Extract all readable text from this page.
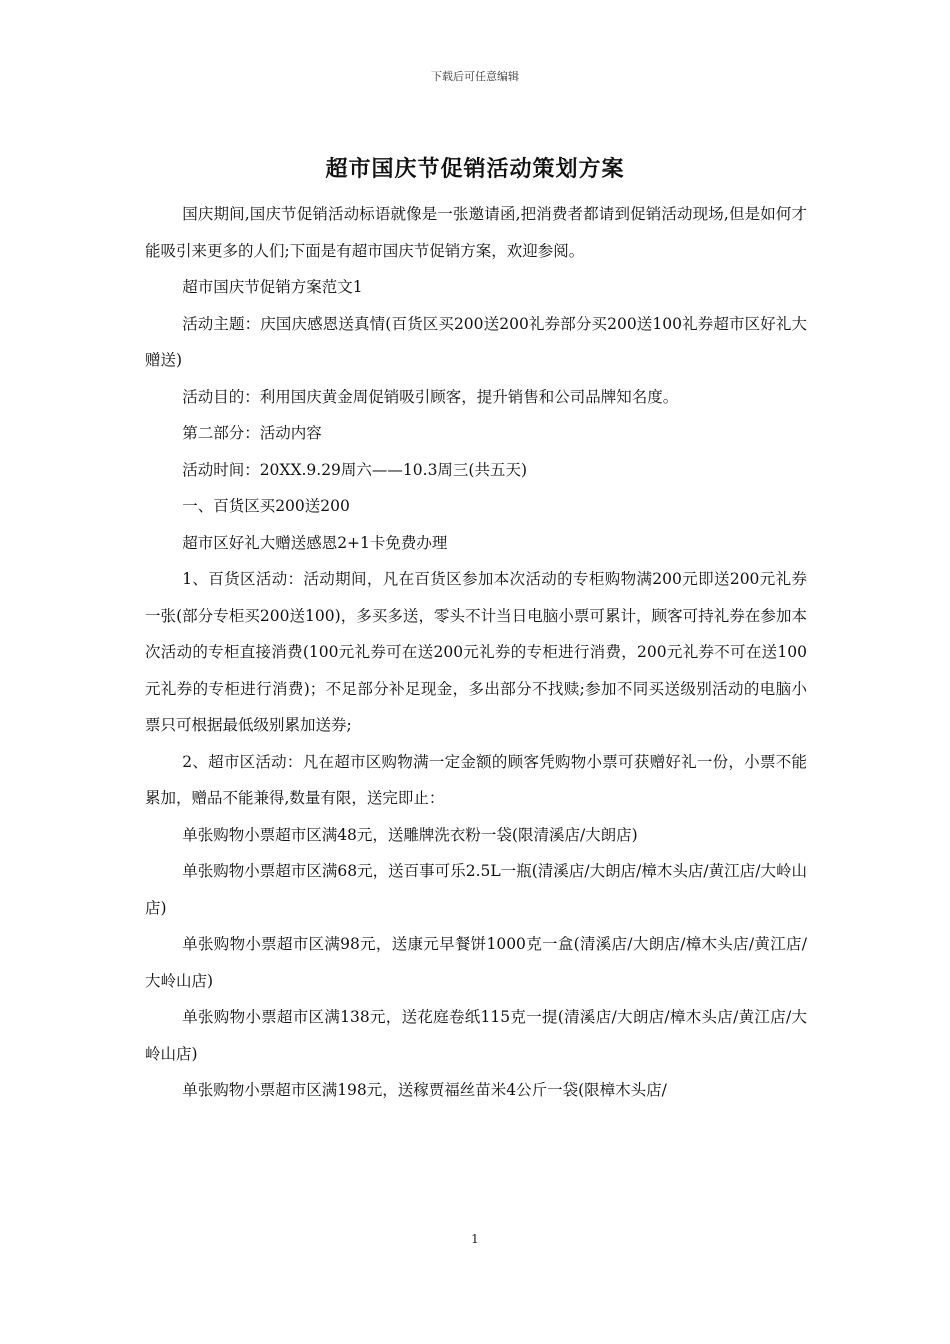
下载后可任意编辑
超市国庆节促销活动策划方案

国庆期间,国庆节促销活动标语就像是一张邀请函,把消费者都请到促销活动现场,但是如何才能吸引来更多的人们;下面是有超市国庆节促销方案，欢迎参阅。

超市国庆节促销方案范文1

活动主题：庆国庆感恩送真情(百货区买200送200礼券部分买200送100礼券超市区好礼大赠送)

活动目的：利用国庆黄金周促销吸引顾客，提升销售和公司品牌知名度。

第二部分：活动内容

活动时间：20XX.9.29周六——10.3周三(共五天)

一、百货区买200送200

超市区好礼大赠送感恩2+1卡免费办理

1、百货区活动：活动期间，凡在百货区参加本次活动的专柜购物满200元即送200元礼券一张(部分专柜买200送100)，多买多送，零头不计当日电脑小票可累计，顾客可持礼券在参加本次活动的专柜直接消费(100元礼券可在送200元礼券的专柜进行消费，200元礼券不可在送100元礼券的专柜进行消费)；不足部分补足现金，多出部分不找赎;参加不同买送级别活动的电脑小票只可根据最低级别累加送券;

2、超市区活动：凡在超市区购物满一定金额的顾客凭购物小票可获赠好礼一份，小票不能累加，赠品不能兼得,数量有限，送完即止：

单张购物小票超市区满48元，送雕牌洗衣粉一袋(限清溪店/大朗店)

单张购物小票超市区满68元，送百事可乐2.5L一瓶(清溪店/大朗店/樟木头店/黄江店/大岭山店)

单张购物小票超市区满98元，送康元早餐饼1000克一盒(清溪店/大朗店/樟木头店/黄江店/大岭山店)

单张购物小票超市区满138元，送花庭卷纸115克一提(清溪店/大朗店/樟木头店/黄江店/大岭山店)

单张购物小票超市区满198元，送稼贾福丝苗米4公斤一袋(限樟木头店/

1
